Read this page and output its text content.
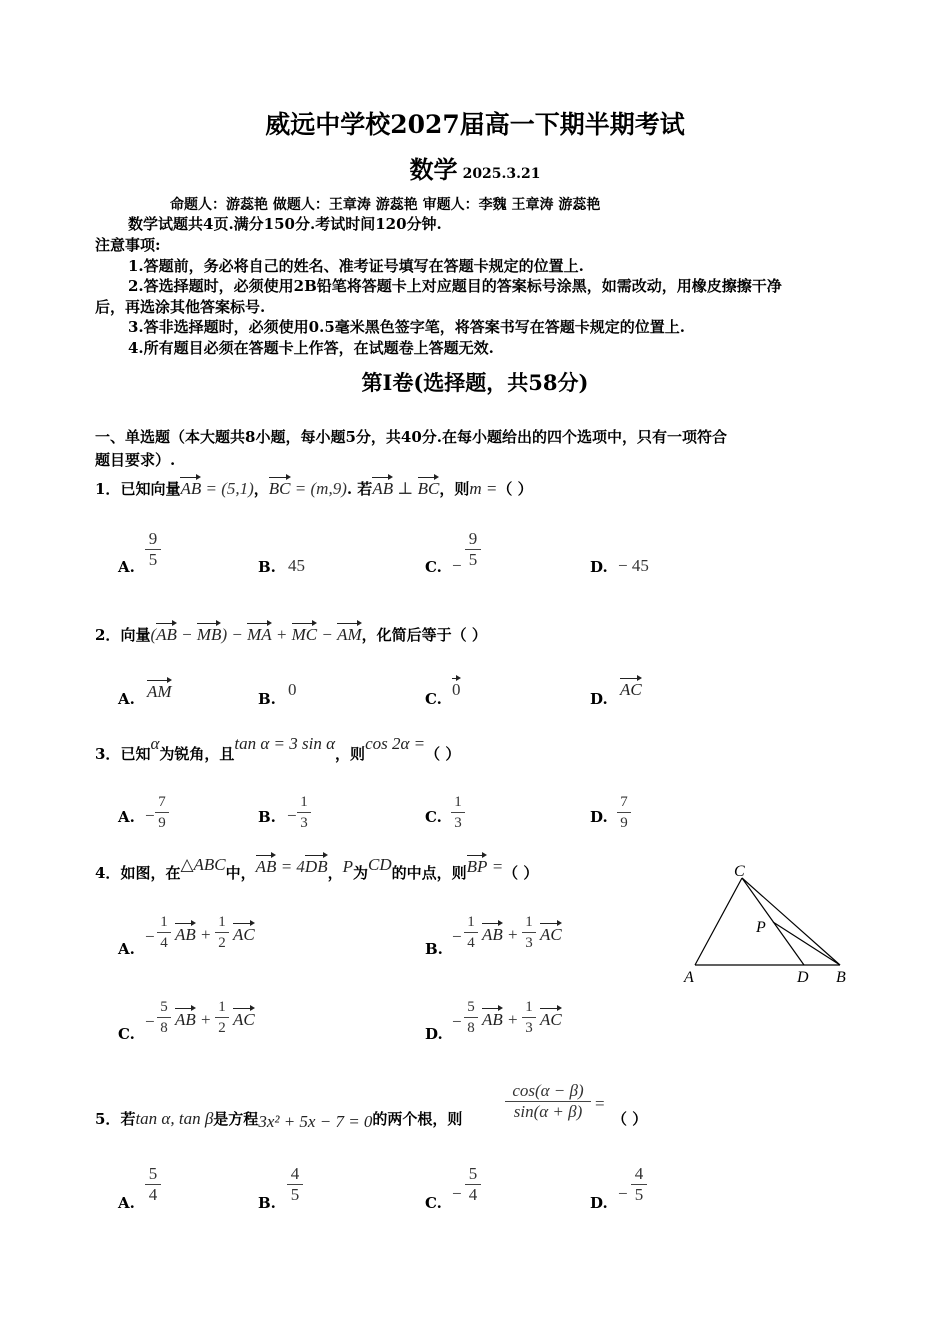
威远中学校2027届高一下期半期考试
数学 2025.3.21
命题人：游蕊艳 做题人：王章涛 游蕊艳 审题人：李魏 王章涛 游蕊艳
数学试题共4页.满分150分.考试时间120分钟.
注意事项:
1.答题前，务必将自己的姓名、准考证号填写在答题卡规定的位置上.
2.答选择题时，必须使用2B铅笔将答题卡上对应题目的答案标号涂黑，如需改动，用橡皮擦擦干净
后，再选涂其他答案标号.
3.答非选择题时，必须使用0.5毫米黑色签字笔，将答案书写在答题卡规定的位置上.
4.所有题目必须在答题卡上作答，在试题卷上答题无效.
第Ⅰ卷(选择题，共58分)
一、单选题（本大题共8小题，每小题5分，共40分.在每小题给出的四个选项中，只有一项符合
题目要求）.
1．已知向量AB = (5,1)，BC = (m,9). 若AB ⊥ BC，则m =（ ）
A.
9
5	B. 45	C. −
9
5	D. − 45
2．向量(AB − MB) − MA + MC − AM，化简后等于（ ）
A. AM	B. 0	C. 0	D. AC
3．已知α为锐角，且tan α = 3 sin α，则cos 2α =（ ）
A. −
7
9	B. −
1
3	C.
1
3	D.
7
9
4．如图，在△ABC中，AB = 4DB，P为CD的中点，则BP =（ ）
A.
−
1
4 AB +
1
2 AC
B.
−
1
4 AB +
1
3 AC
C.
−
5
8 AB +
1
2 AC
D.
−
5
8 AB +
1
3 AC
C
P
A	D B
5．若tan α, tan β是方程3x² + 5x − 7 = 0的两个根，则
cos(α − β)
sin(α + β) =
（ ）
A.
5
4	B.
4
5	C. −
5
4	D. −
4
5
